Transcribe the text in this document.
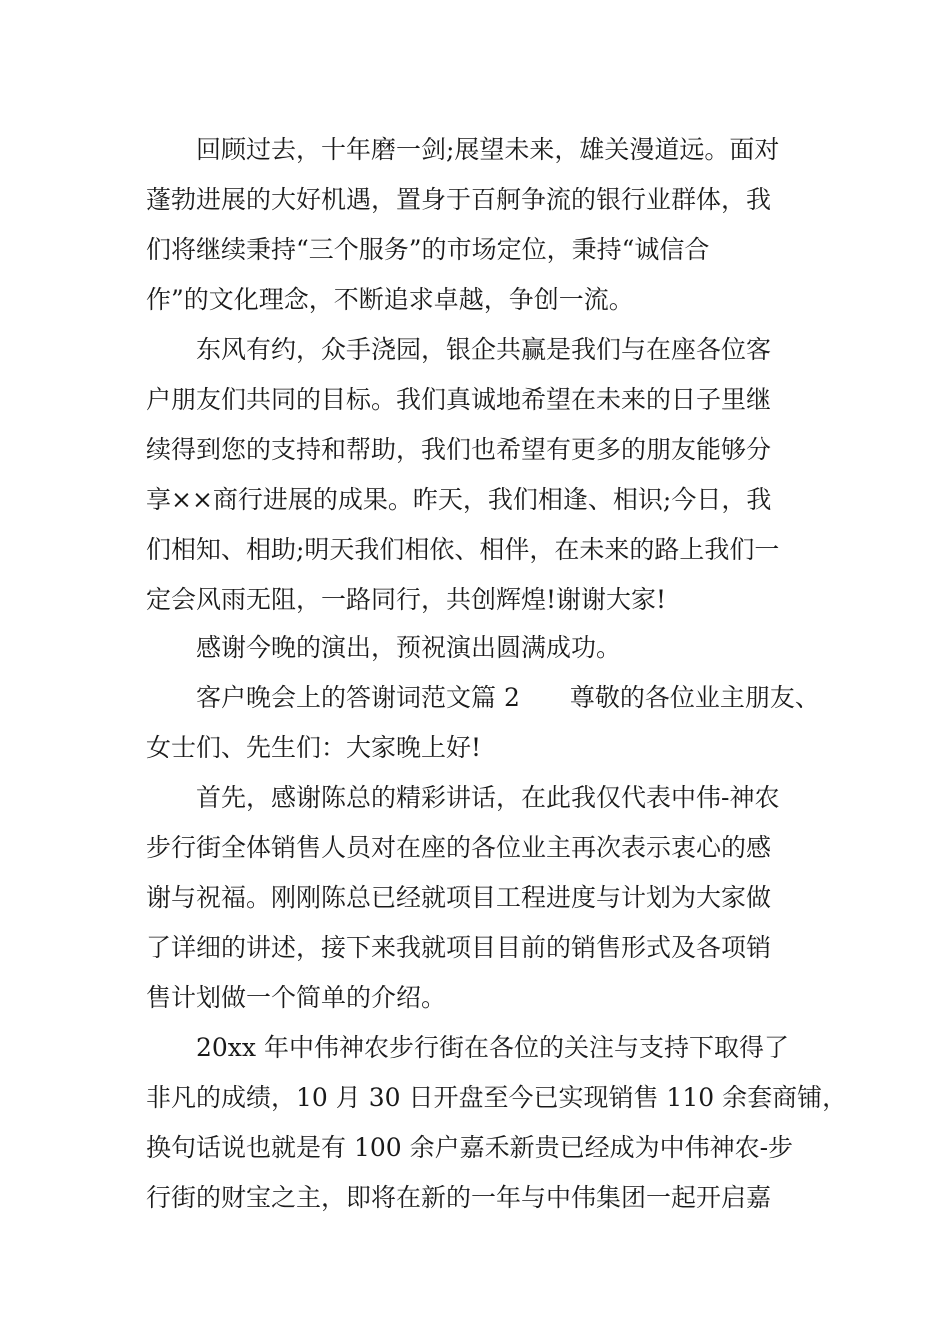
回顾过去，十年磨一剑;展望未来，雄关漫道远。面对
蓬勃进展的大好机遇，置身于百舸争流的银行业群体，我
们将继续秉持“三个服务”的市场定位，秉持“诚信合
作”的文化理念，不断追求卓越，争创一流。
东风有约，众手浇园，银企共赢是我们与在座各位客
户朋友们共同的目标。我们真诚地希望在未来的日子里继
续得到您的支持和帮助，我们也希望有更多的朋友能够分
享××商行进展的成果。昨天，我们相逢、相识;今日，我
们相知、相助;明天我们相依、相伴，在未来的路上我们一
定会风雨无阻，一路同行，共创辉煌!谢谢大家!
感谢今晚的演出，预祝演出圆满成功。
客户晚会上的答谢词范文篇 2　　尊敬的各位业主朋友、
女士们、先生们：大家晚上好!
首先，感谢陈总的精彩讲话，在此我仅代表中伟-神农
步行街全体销售人员对在座的各位业主再次表示衷心的感
谢与祝福。刚刚陈总已经就项目工程进度与计划为大家做
了详细的讲述，接下来我就项目目前的销售形式及各项销
售计划做一个简单的介绍。
20xx 年中伟神农步行街在各位的关注与支持下取得了
非凡的成绩，10 月 30 日开盘至今已实现销售 110 余套商铺，
换句话说也就是有 100 余户嘉禾新贵已经成为中伟神农-步
行街的财宝之主，即将在新的一年与中伟集团一起开启嘉
